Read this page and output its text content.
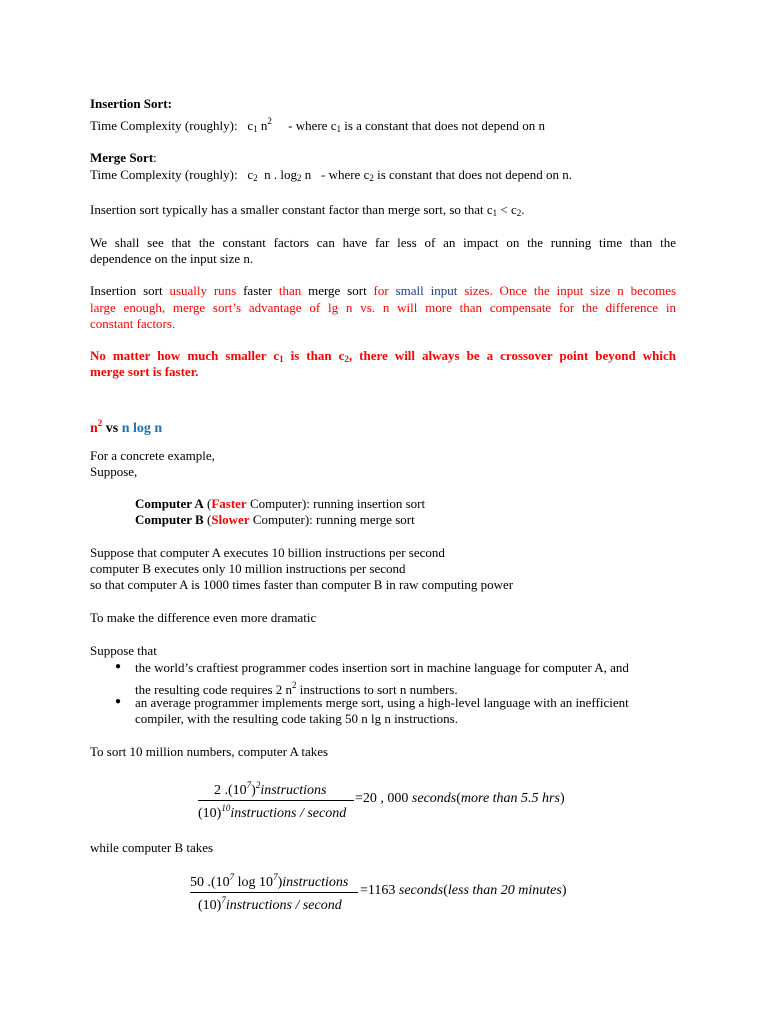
Insertion Sort:
Time Complexity (roughly): $c_1$ $n^2$ - where $c_1$ is a constant that does not depend on n
Merge Sort:
Time Complexity (roughly): $c_2$ n . $\log_2 n$ - where $c_2$ is constant that does not depend on n.
Insertion sort typically has a smaller constant factor than merge sort, so that $c_1 < c_2$.
We shall see that the constant factors can have far less of an impact on the running time than the
dependence on the input size n.
Insertion sort usually runs faster than merge sort for small input sizes. Once the input size n becomes
large enough, merge sort’s advantage of lg n vs. n will more than compensate for the difference in
constant factors.
No matter how much smaller $c_1$ is than $c_2$, there will always be a crossover point beyond which
merge sort is faster.
$n^2$ vs n log n
For a concrete example,
Suppose,
Computer A (Faster Computer): running insertion sort
Computer B (Slower Computer): running merge sort
Suppose that computer A executes 10 billion instructions per second
computer B executes only 10 million instructions per second
so that computer A is 1000 times faster than computer B in raw computing power
To make the difference even more dramatic
Suppose that
● the world’s craftiest programmer codes insertion sort in machine language for computer A, and
the resulting code requires 2 $n^2$ instructions to sort n numbers.
● an average programmer implements merge sort, using a high-level language with an inefficient
compiler, with the resulting code taking 50 n lg n instructions.
To sort 10 million numbers, computer A takes
2 $.(10^7)^2instructions$
$(10)^{10}instructions$ / second
=20 , 000 seconds(more than 5.5 hrs)
while computer B takes
50 $.(10^7$ $\log 10^7)instructions$
$(10)^7instructions$ / second
=1163 seconds(less than 20 minutes)
